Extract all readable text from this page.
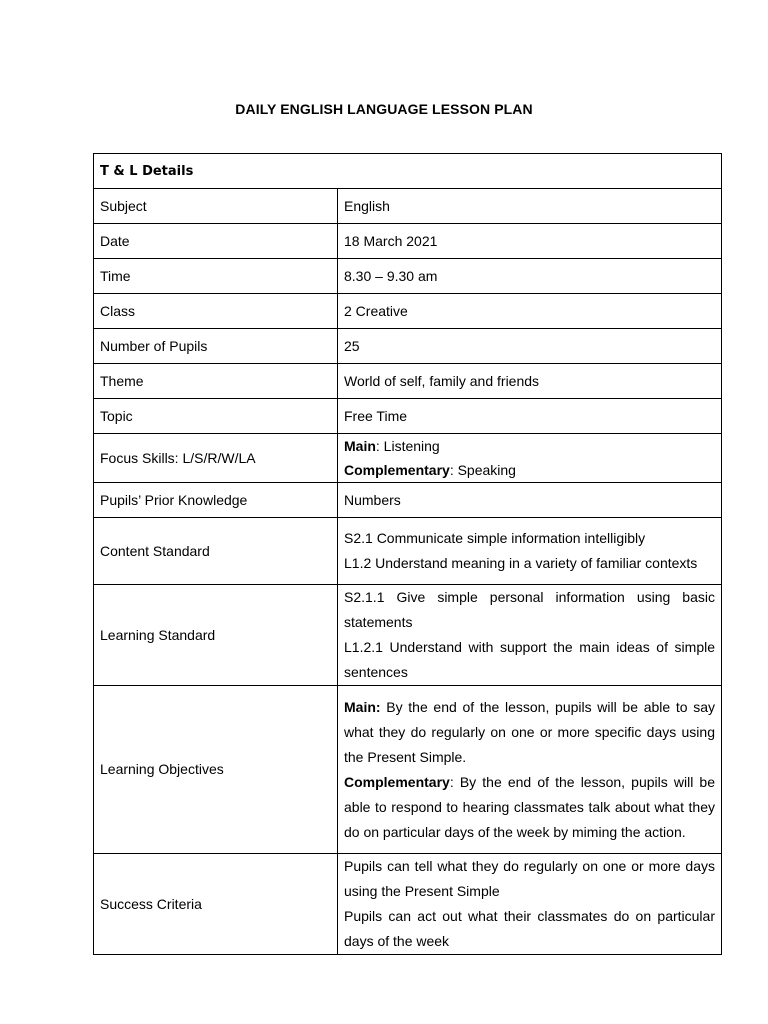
DAILY ENGLISH LANGUAGE LESSON PLAN
T & L Details	
Subject	English
Date	18 March 2021
Time	8.30 – 9.30 am
Class	2 Creative
Number of Pupils	25
Theme	World of self, family and friends
Topic	Free Time
Focus Skills: L/S/R/W/LA	Main: Listening
Complementary: Speaking

Pupils’ Prior Knowledge	Numbers
Content Standard	S2.1 Communicate simple information intelligibly
L1.2 Understand meaning in a variety of familiar contexts

Learning Standard	S2.1.1 Give simple personal information using basic statements
L1.2.1 Understand with support the main ideas of simple sentences

Learning Objectives	Main: By the end of the lesson, pupils will be able to say what they do regularly on one or more specific days using the Present Simple.
Complementary: By the end of the lesson, pupils will be able to respond to hearing classmates talk about what they do on particular days of the week by miming the action.

Success Criteria	Pupils can tell what they do regularly on one or more days using the Present Simple
Pupils can act out what their classmates do on particular days of the week
